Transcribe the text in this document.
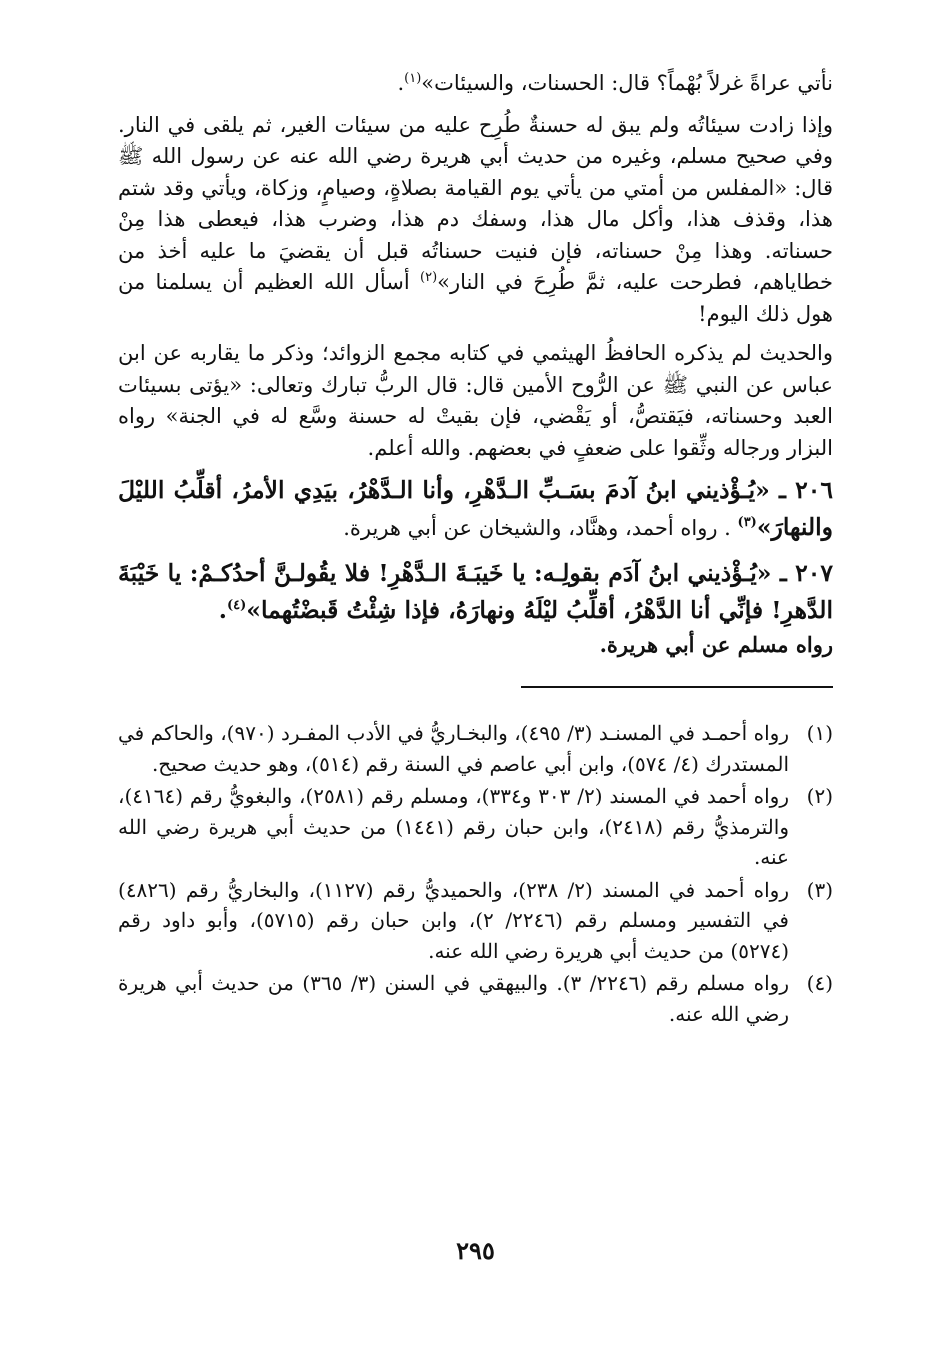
نأتي عراةً غرلاً بُهْماً؟ قال: الحسنات، والسيئات»$^{(١)}$.

وإذا زادت سيئاتُه ولم يبق له حسنةٌ طُرِح عليه من سيئات الغير، ثم يلقى في النار. وفي صحيح مسلم، وغيره من حديث أبي هريرة رضي الله عنه عن رسول الله ﷺ قال: «المفلس من أمتي من يأتي يوم القيامة بصلاةٍ، وصيامٍ، وزكاة، ويأتي وقد شتم هذا، وقذف هذا، وأكل مال هذا، وسفك دم هذا، وضرب هذا، فيعطى هذا مِنْ حسناته. وهذا مِنْ حسناته، فإن فنيت حسناتُه قبل أن يقضيَ ما عليه أخذ من خطاياهم، فطرحت عليه، ثمَّ طُرِحَ في النار»$^{(٢)}$ أسأل الله العظيم أن يسلمنا من هول ذلك اليوم!

والحديث لم يذكره الحافظُ الهيثمي في كتابه مجمع الزوائد؛ وذكر ما يقاربه عن ابن عباس عن النبي ﷺ عن الرُّوح الأمين قال: قال الربُّ تبارك وتعالى: «يؤتى بسيئات العبد وحسناته، فيَقتصُّ، أو يَقْضي، فإن بقيتْ له حسنة وسَّع له في الجنة» رواه البزار ورجاله وثِّقوا على ضعفٍ في بعضهم. والله أعلم.

٢٠٦ ـ «يُـؤْذيني ابنُ آدمَ بسَـبِّ الـدَّهْرِ، وأنا الـدَّهْرُ، بيَدِي الأمرُ، أقلِّبُ الليْلَ والنهارَ»$^{(٣)}$ . رواه أحمد، وهنَّاد، والشيخان عن أبي هريرة.

٢٠٧ ـ «يُـؤْذيني ابنُ آدَم بقولِـه: يا خَيبَـةَ الـدَّهْرِ! فلا يقُولـنَّ أحدُكـمْ: يا خَيْبَةَ الدَّهرِ! فإنِّي أنا الدَّهْرُ، أقلِّبُ ليْلَهُ ونهارَهُ، فإذا شِئْتُ قَبضْتُهما»$^{(٤)}$.

رواه مسلم عن أبي هريرة.

(١)
رواه أحمـد في المسنـد (٣/ ٤٩٥)، والبخـاريُّ في الأدب المفـرد (٩٧٠)، والحاكم في المستدرك (٤/ ٥٧٤)، وابن أبي عاصم في السنة رقم (٥١٤)، وهو حديث صحيح.
(٢)
رواه أحمد في المسند (٢/ ٣٠٣ و٣٣٤)، ومسلم رقم (٢٥٨١)، والبغويُّ رقم (٤١٦٤)، والترمذيُّ رقم (٢٤١٨)، وابن حبان رقم (١٤٤١) من حديث أبي هريرة رضي الله عنه.
(٣)
رواه أحمد في المسند (٢/ ٢٣٨)، والحميديُّ رقم (١١٢٧)، والبخاريُّ رقم (٤٨٢٦) في التفسير ومسلم رقم (٢٢٤٦/ ٢)، وابن حبان رقم (٥٧١٥)، وأبو داود رقم (٥٢٧٤) من حديث أبي هريرة رضي الله عنه.
(٤)
رواه مسلم رقم (٢٢٤٦/ ٣). والبيهقي في السنن (٣/ ٣٦٥) من حديث أبي هريرة رضي الله عنه.
٢٩٥
